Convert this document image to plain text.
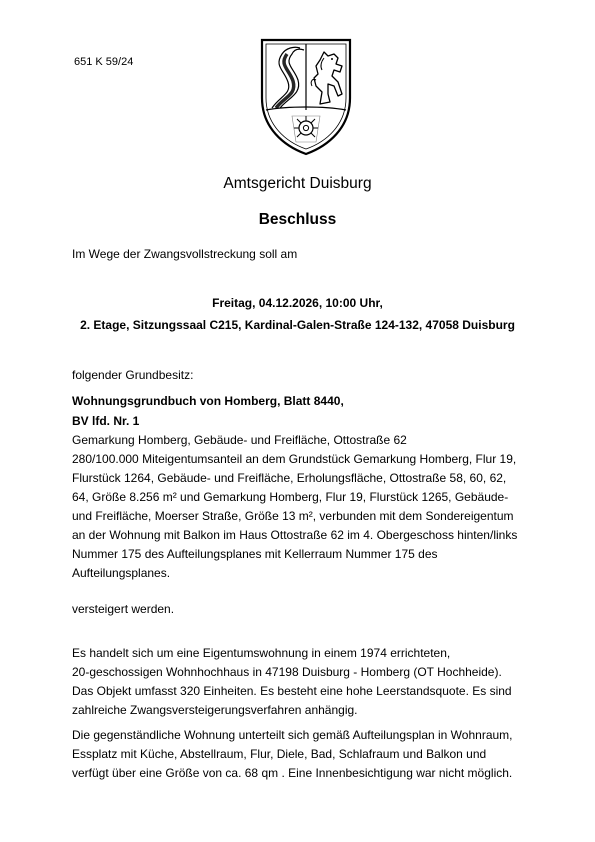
651 K 59/24
Amtsgericht Duisburg
Beschluss
Im Wege der Zwangsvollstreckung soll am
Freitag, 04.12.2026, 10:00 Uhr,
2. Etage, Sitzungssaal C215, Kardinal-Galen-Straße 124-132, 47058 Duisburg
folgender Grundbesitz:
Wohnungsgrundbuch von Homberg, Blatt 8440,
BV lfd. Nr. 1
Gemarkung Homberg, Gebäude- und Freifläche, Ottostraße 62
280/100.000 Miteigentumsanteil an dem Grundstück Gemarkung Homberg, Flur 19,
Flurstück 1264, Gebäude- und Freifläche, Erholungsfläche, Ottostraße 58, 60, 62,
64, Größe 8.256 m² und Gemarkung Homberg, Flur 19, Flurstück 1265, Gebäude-
und Freifläche, Moerser Straße, Größe 13 m², verbunden mit dem Sondereigentum
an der Wohnung mit Balkon im Haus Ottostraße 62 im 4. Obergeschoss hinten/links
Nummer 175 des Aufteilungsplanes mit Kellerraum Nummer 175 des
Aufteilungsplanes.
versteigert werden.
Es handelt sich um eine Eigentumswohnung in einem 1974 errichteten,
20-geschossigen Wohnhochhaus in 47198 Duisburg - Homberg (OT Hochheide).
Das Objekt umfasst 320 Einheiten. Es besteht eine hohe Leerstandsquote. Es sind
zahlreiche Zwangsversteigerungsverfahren anhängig.
Die gegenständliche Wohnung unterteilt sich gemäß Aufteilungsplan in Wohnraum,
Essplatz mit Küche, Abstellraum, Flur, Diele, Bad, Schlafraum und Balkon und
verfügt über eine Größe von ca. 68 qm . Eine Innenbesichtigung war nicht möglich.
